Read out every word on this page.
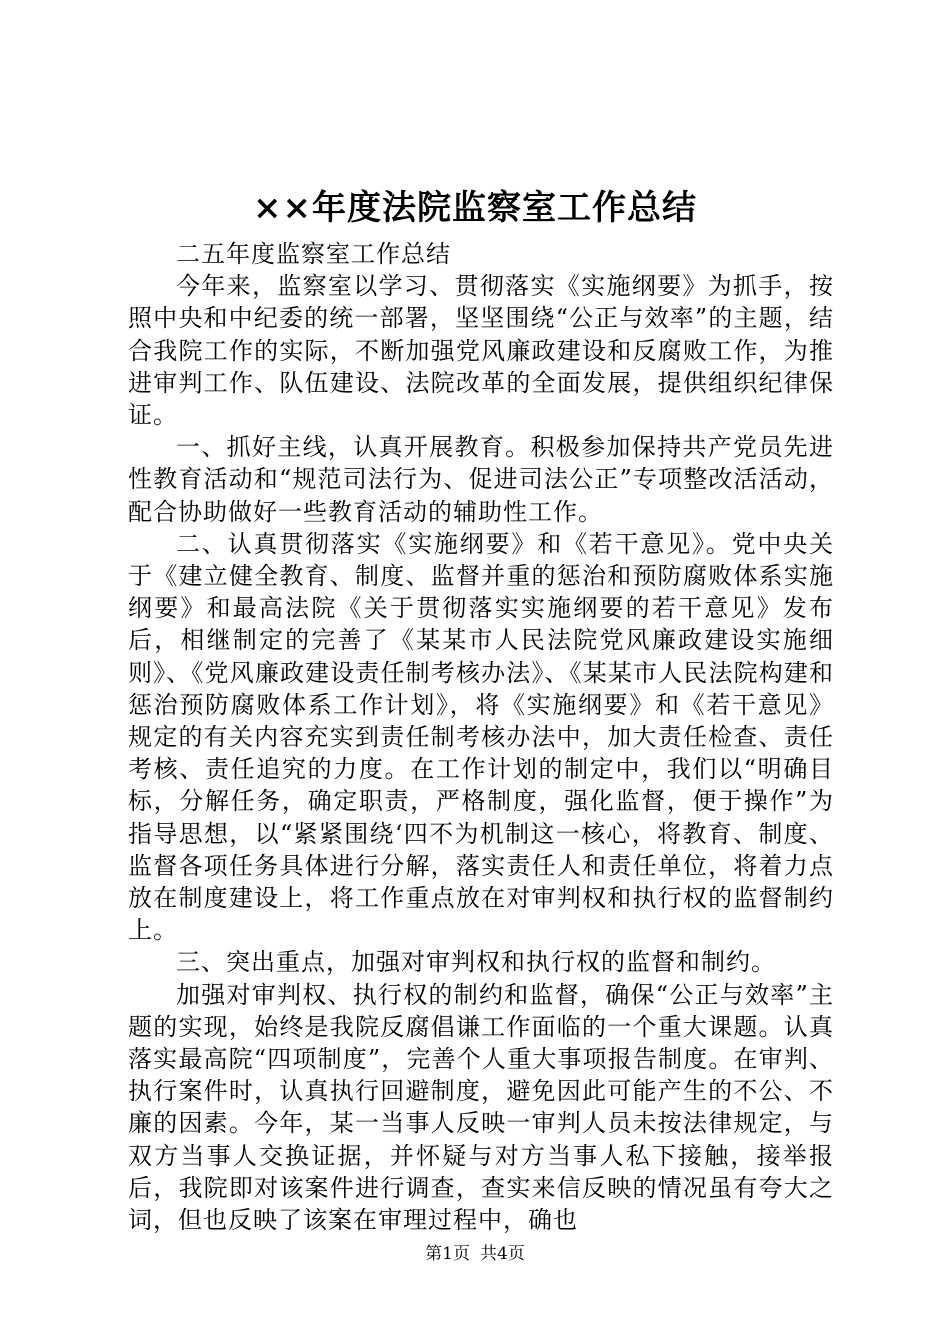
××年度法院监察室工作总结

二五年度监察室工作总结

今年来，监察室以学习、贯彻落实《实施纲要》为抓手，按照中央和中纪委的统一部署，坚坚围绕“公正与效率”的主题，结合我院工作的实际，不断加强党风廉政建设和反腐败工作，为推进审判工作、队伍建设、法院改革的全面发展，提供组织纪律保证。

一、抓好主线，认真开展教育。积极参加保持共产党员先进性教育活动和“规范司法行为、促进司法公正”专项整改活活动，配合协助做好一些教育活动的辅助性工作。

二、认真贯彻落实《实施纲要》和《若干意见》。党中央关于《建立健全教育、制度、监督并重的惩治和预防腐败体系实施纲要》和最高法院《关于贯彻落实实施纲要的若干意见》发布后，相继制定的完善了《某某市人民法院党风廉政建设实施细则》、《党风廉政建设责任制考核办法》、《某某市人民法院构建和惩治预防腐败体系工作计划》，将《实施纲要》和《若干意见》规定的有关内容充实到责任制考核办法中，加大责任检查、责任考核、责任追究的力度。在工作计划的制定中，我们以“明确目标，分解任务，确定职责，严格制度，强化监督，便于操作”为指导思想，以“紧紧围绕‘四不为机制这一核心，将教育、制度、监督各项任务具体进行分解，落实责任人和责任单位，将着力点放在制度建设上，将工作重点放在对审判权和执行权的监督制约上。

三、突出重点，加强对审判权和执行权的监督和制约。

加强对审判权、执行权的制约和监督，确保“公正与效率”主题的实现，始终是我院反腐倡谦工作面临的一个重大课题。认真落实最高院“四项制度”，完善个人重大事项报告制度。在审判、执行案件时，认真执行回避制度，避免因此可能产生的不公、不廉的因素。今年，某一当事人反映一审判人员未按法律规定，与双方当事人交换证据，并怀疑与对方当事人私下接触，接举报后，我院即对该案件进行调查，查实来信反映的情况虽有夸大之词，但也反映了该案在审理过程中，确也

第1页 共4页
